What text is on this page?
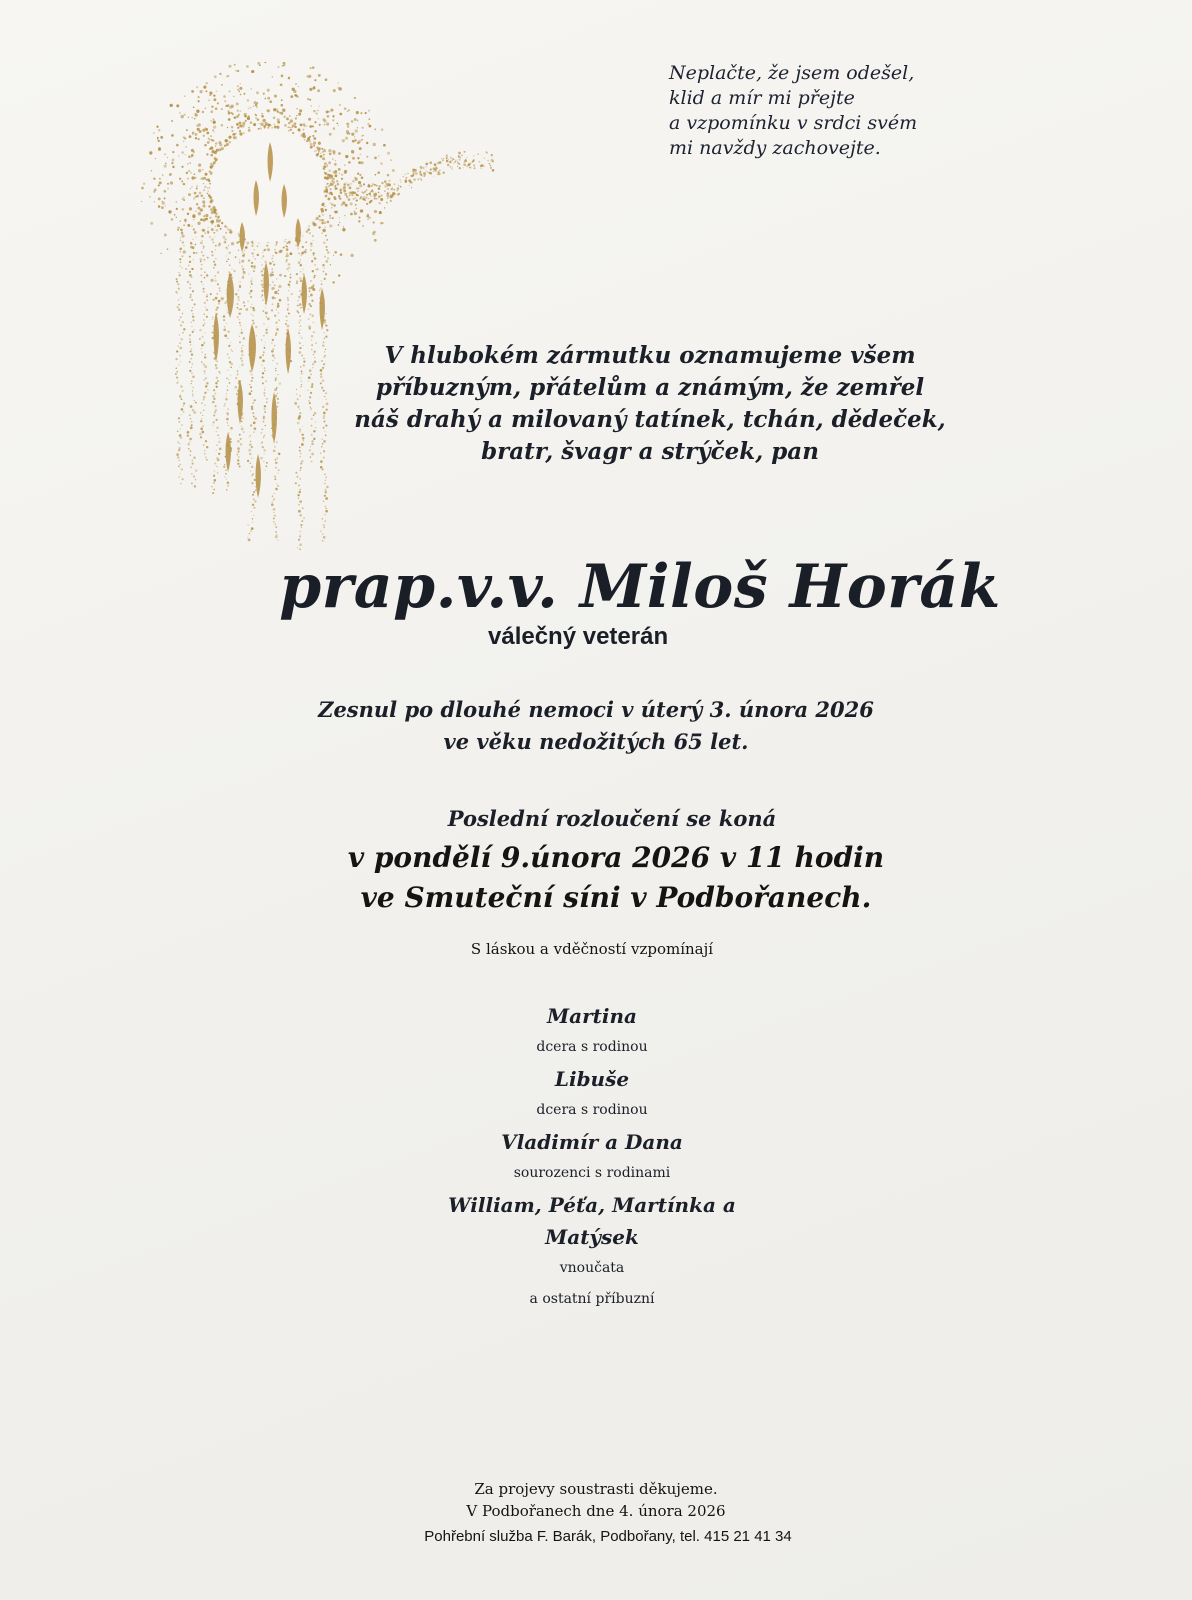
Neplačte, že jsem odešel,
klid a mír mi přejte
a vzpomínku v srdci svém
mi navždy zachovejte.
V hlubokém zármutku oznamujeme všem
příbuzným, přátelům a známým, že zemřel
náš drahý a milovaný tatínek, tchán, dědeček,
bratr, švagr a strýček, pan
prap.v.v. Miloš Horák
válečný veterán
Zesnul po dlouhé nemoci v úterý 3. února 2026
ve věku nedožitých 65 let.
Poslední rozloučení se koná
v pondělí 9.února 2026 v 11 hodin
ve Smuteční síni v Podbořanech.
S láskou a vděčností vzpomínají
Martina
dcera s rodinou
Libuše
dcera s rodinou
Vladimír a Dana
sourozenci s rodinami
William, Péťa, Martínka a
Matýsek
vnoučata
a ostatní příbuzní
Za projevy soustrasti děkujeme.
V Podbořanech dne 4. února 2026
Pohřební služba F. Barák, Podbořany, tel. 415 21 41 34
